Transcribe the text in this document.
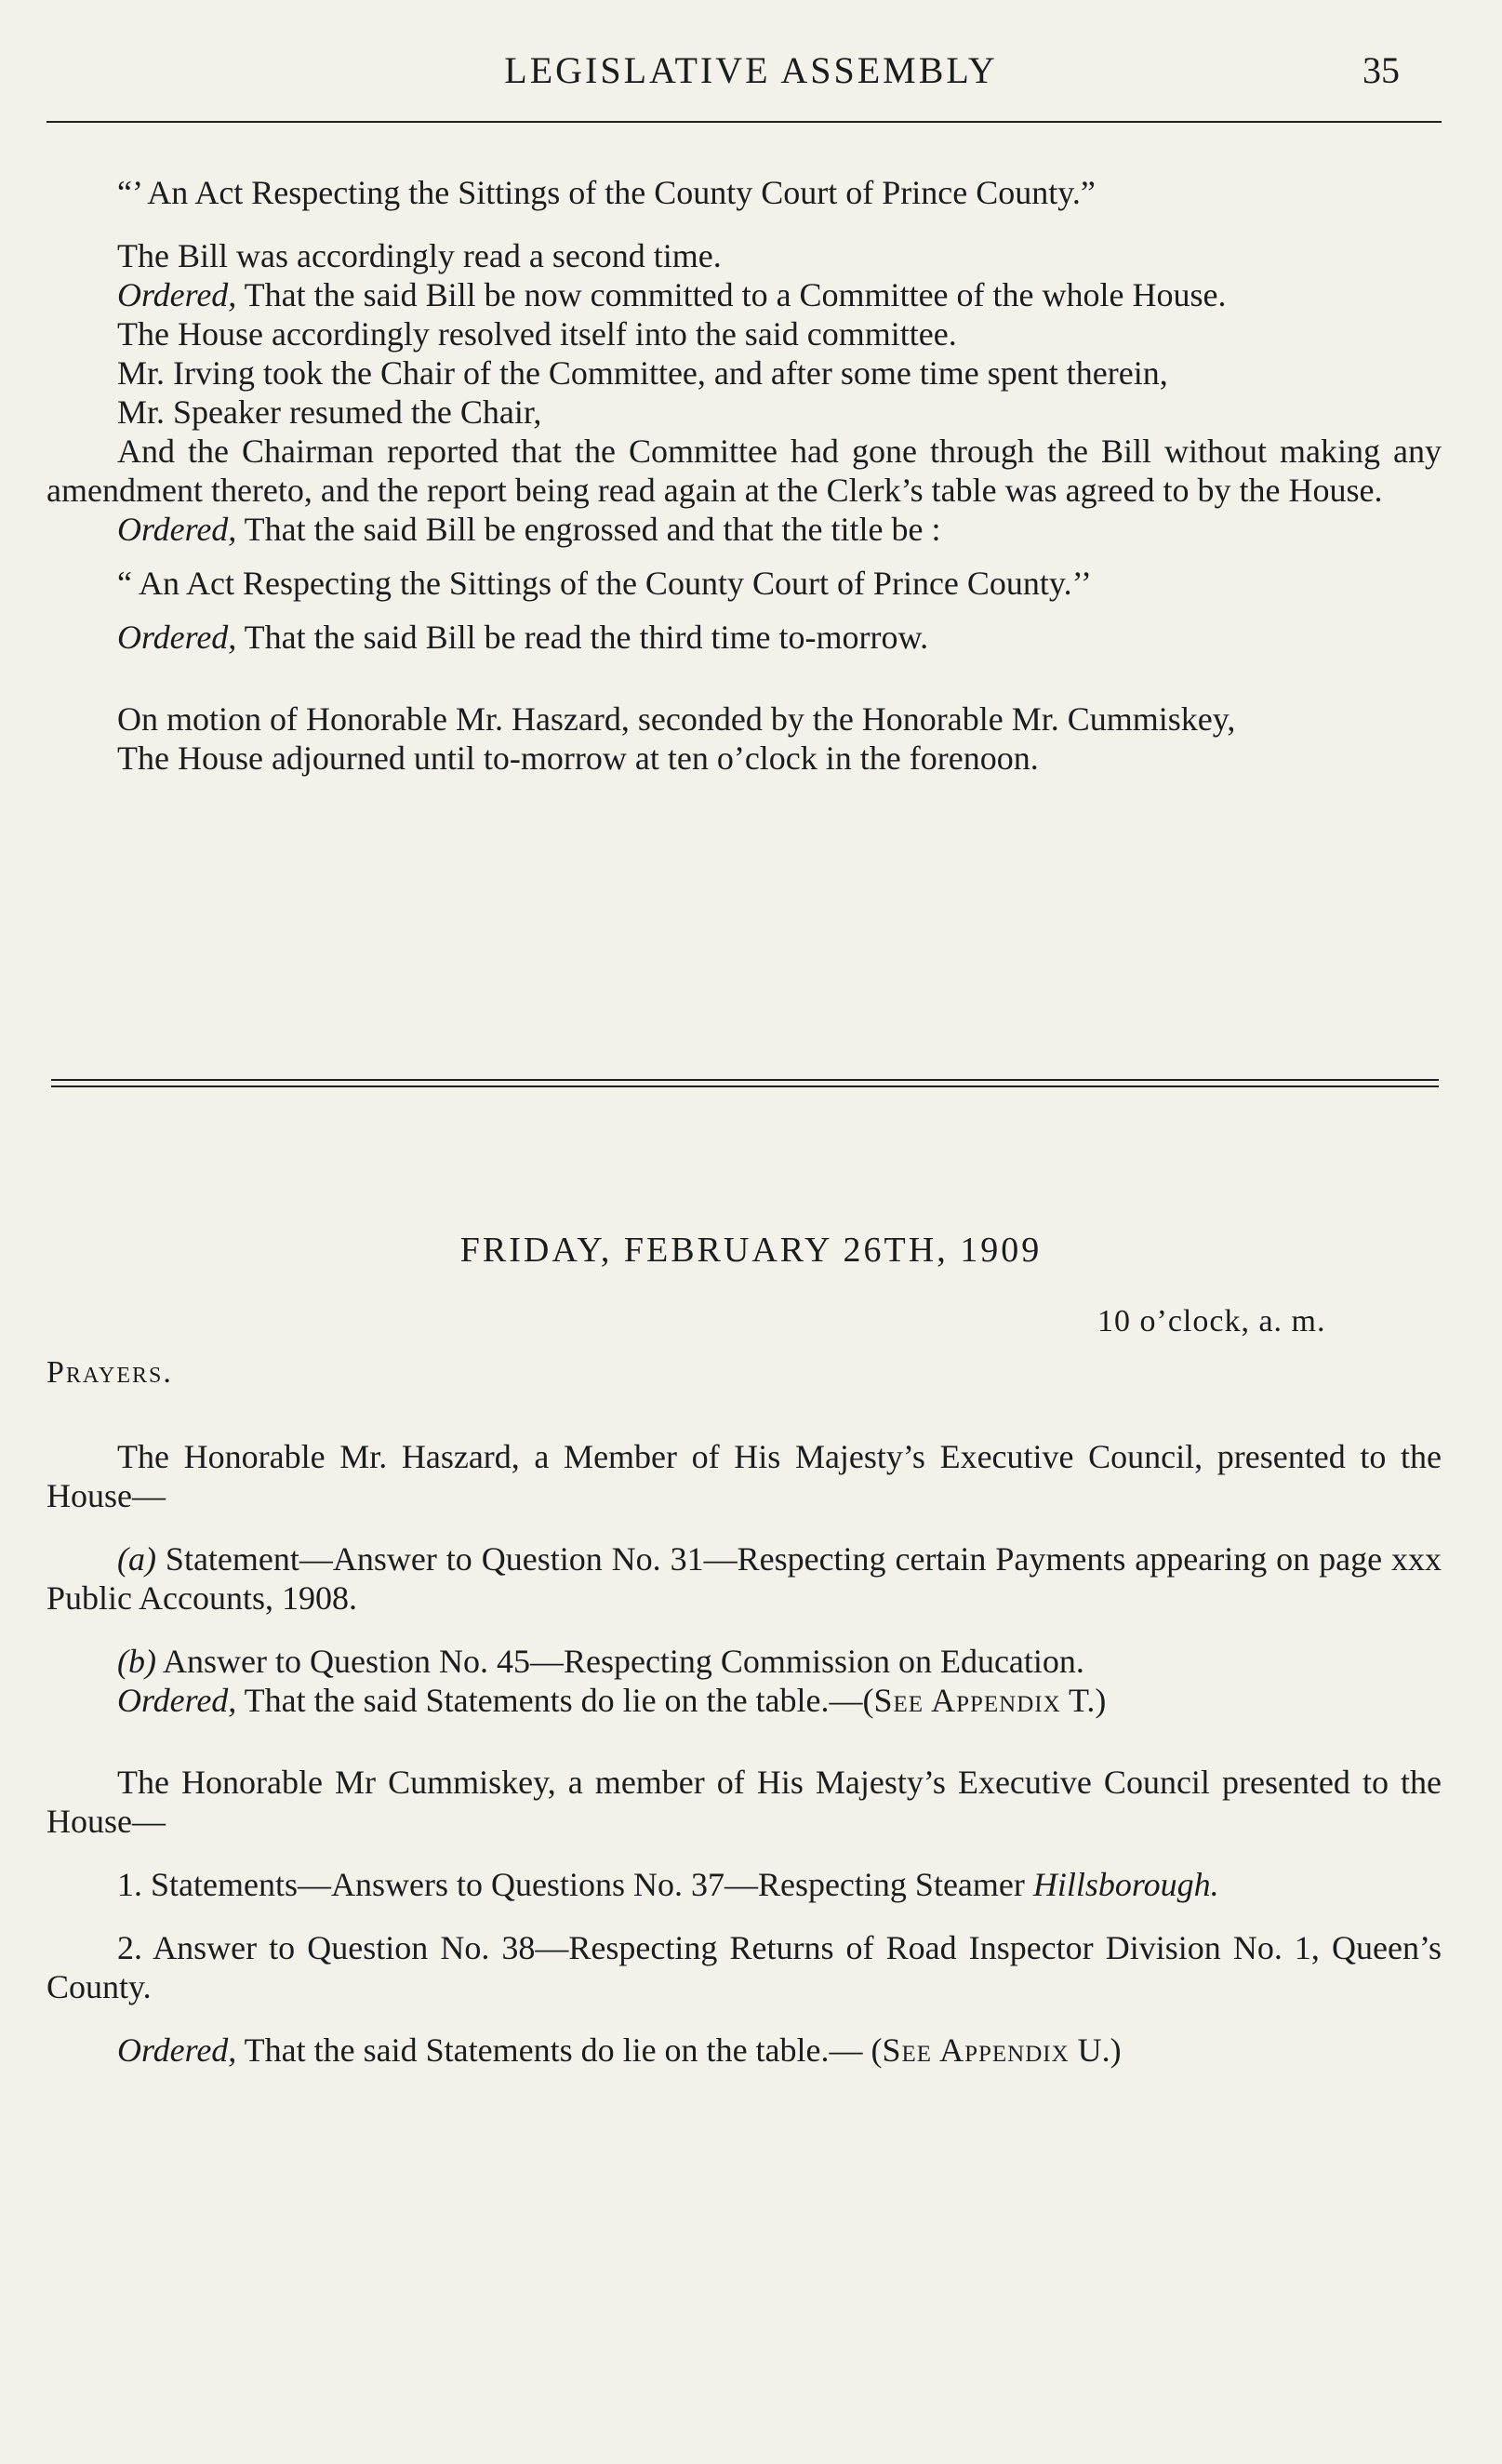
LEGISLATIVE ASSEMBLY	35

“’ An Act Respecting the Sittings of the County Court of Prince County.”

The Bill was accordingly read a second time.

Ordered, That the said Bill be now committed to a Committee of the whole House.

The House accordingly resolved itself into the said committee.

Mr. Irving took the Chair of the Committee, and after some time spent therein,

Mr. Speaker resumed the Chair,

And the Chairman reported that the Committee had gone through the Bill without making any amendment thereto, and the report being read again at the Clerk’s table was agreed to by the House.

Ordered, That the said Bill be engrossed and that the title be :

“ An Act Respecting the Sittings of the County Court of Prince County.’’

Ordered, That the said Bill be read the third time to-morrow.

On motion of Honorable Mr. Haszard, seconded by the Honorable Mr. Cummiskey,

The House adjourned until to-morrow at ten o’clock in the forenoon.

FRIDAY, FEBRUARY 26TH, 1909
10 o’clock, a. m.
Prayers.

The Honorable Mr. Haszard, a Member of His Majesty’s Executive Council, presented to the House—

(a) Statement—Answer to Question No. 31—Respecting certain Payments appearing on page xxx Public Accounts, 1908.

(b) Answer to Question No. 45—Respecting Commission on Education.

Ordered, That the said Statements do lie on the table.—(See Appendix T.)

The Honorable Mr Cummiskey, a member of His Majesty’s Executive Council presented to the House—

1. Statements—Answers to Questions No. 37—Respecting Steamer Hillsborough.

2. Answer to Question No. 38—Respecting Returns of Road Inspector Division No. 1, Queen’s County.

Ordered, That the said Statements do lie on the table.— (See Appendix U.)
